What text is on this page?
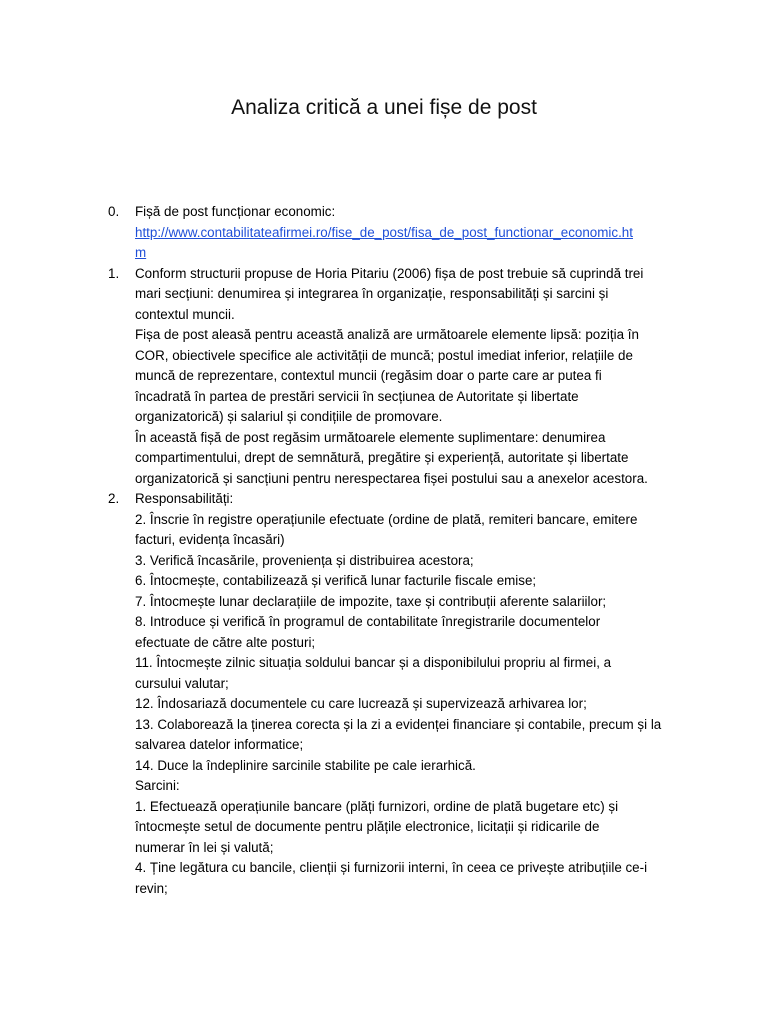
Analiza critică a unei fișe de post
0.	Fișă de post funcționar economic:
http://www.contabilitateafirmei.ro/fise_de_post/fisa_de_post_functionar_economic.ht
m
1.	Conform structurii propuse de Horia Pitariu (2006) fișa de post trebuie să cuprindă trei
mari secțiuni: denumirea și integrarea în organizație, responsabilități și sarcini și
contextul muncii.
Fișa de post aleasă pentru această analiză are următoarele elemente lipsă: poziția în
COR, obiectivele specifice ale activității de muncă; postul imediat inferior, relațiile de
muncă de reprezentare, contextul muncii (regăsim doar o parte care ar putea fi
încadrată în partea de prestări servicii în secțiunea de Autoritate și libertate
organizatorică) și salariul și condițiile de promovare.
În această fișă de post regăsim următoarele elemente suplimentare: denumirea
compartimentului, drept de semnătură, pregătire și experiență, autoritate și libertate
organizatorică și sancțiuni pentru nerespectarea fișei postului sau a anexelor acestora.
2.	Responsabilități:
2. Înscrie în registre operațiunile efectuate (ordine de plată, remiteri bancare, emitere
facturi, evidența încasări)
3. Verifică încasările, proveniența și distribuirea acestora;
6. Întocmește, contabilizează și verifică lunar facturile fiscale emise;
7. Întocmește lunar declarațiile de impozite, taxe și contribuții aferente salariilor;
8. Introduce și verifică în programul de contabilitate înregistrarile documentelor
efectuate de către alte posturi;
11. Întocmește zilnic situația soldului bancar și a disponibilului propriu al firmei, a
cursului valutar;
12. Îndosariază documentele cu care lucrează și supervizează arhivarea lor;
13. Colaborează la ținerea corecta și la zi a evidenței financiare și contabile, precum și la
salvarea datelor informatice;
14. Duce la îndeplinire sarcinile stabilite pe cale ierarhică.
Sarcini:
1. Efectuează operațiunile bancare (plăți furnizori, ordine de plată bugetare etc) și
întocmește setul de documente pentru plățile electronice, licitații și ridicarile de
numerar în lei și valută;
4. Ține legătura cu bancile, clienții și furnizorii interni, în ceea ce privește atribuțiile ce-i
revin;
